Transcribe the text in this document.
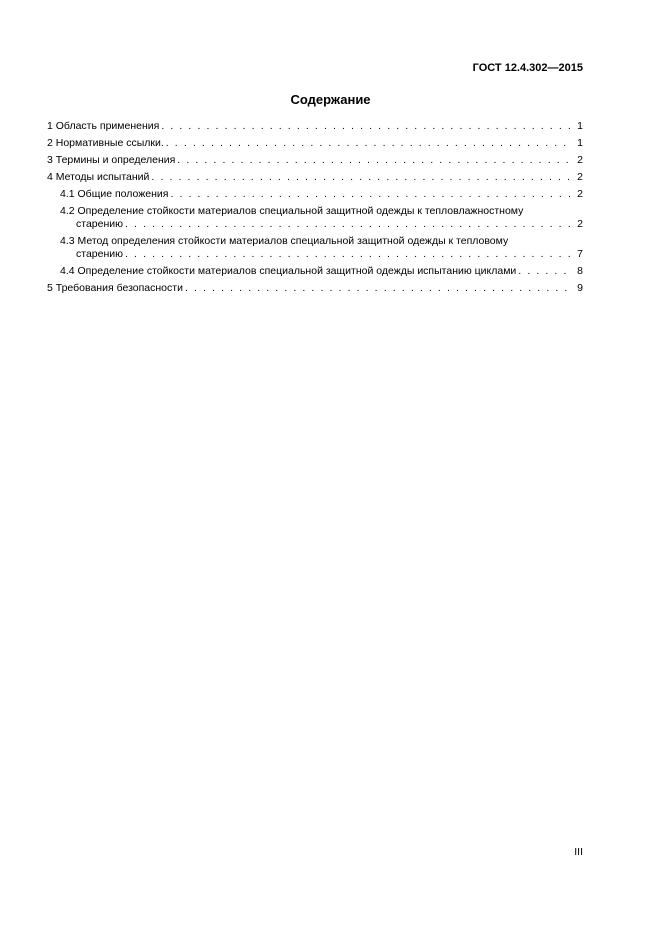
ГОСТ 12.4.302—2015
Содержание
1 Область применения . . .	1
2 Нормативные ссылки. . . .	1
3 Термины и определения . . .	2
4 Методы испытаний . . .	2
4.1 Общие положения . . .	2
4.2 Определение стойкости материалов специальной защитной одежды к тепловлажностному
старению . . .	2
4.3 Метод определения стойкости материалов специальной защитной одежды к тепловому
старению . . .	7
4.4 Определение стойкости материалов специальной защитной одежды испытанию циклами . . .	8
5 Требования безопасности . . .	9
III
